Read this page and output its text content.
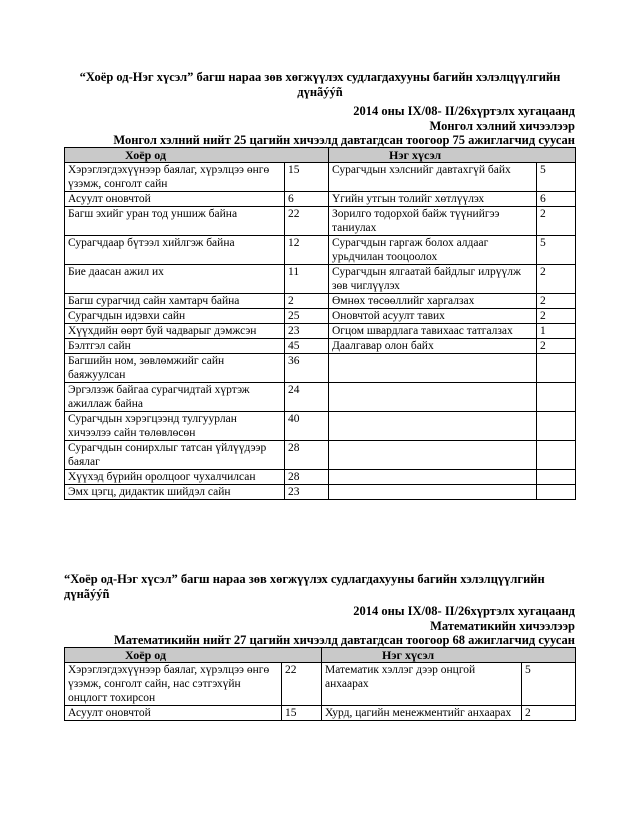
“Хоёр од-Нэг хүсэл” багш нараа зөв хөгжүүлэх судлагдахууны багийн хэлэлцүүлгийн
дүнãýýñ
2014 оны IX/08- II/26хүртэлх хугацаанд
Монгол хэлний хичээлээр
Монгол хэлний нийт 25 цагийн хичээлд давтагдсан тоогоор 75 ажиглагчид суусан
Хоёр од		Нэг хүсэл	
Хэрэглэгдэхүүнээр баялаг, хүрэлцээ өнгө үзэмж, сонголт сайн	15	Сурагчдын хэлснийг давтахгүй байх	5
Асуулт оновчтой	6	Үгийн утгын толийг хөтлүүлэх	6
Багш эхийг уран тод уншиж байна	22	Зорилго тодорхой байж түүнийгээ таниулах	2
Сурагчдаар бүтээл хийлгэж байна	12	Сурагчдын гаргаж болох алдааг урьдчилан тооцоолох	5
Бие даасан ажил их	11	Сурагчдын ялгаатай байдлыг илрүүлж зөв чиглүүлэх	2
Багш сурагчид сайн хамтарч байна	2	Өмнөх төсөөллийг харгалзах	2
Сурагчдын идэвхи сайн	25	Оновчтой асуулт тавих	2
Хүүхдийн өөрт буй чадварыг дэмжсэн	23	Огцом швардлага тавихаас татгалзах	1
Бэлтгэл сайн	45	Даалгавар олон байх	2
Багшийн ном, зөвлөмжийг сайн баяжуулсан	36		
Эргэлзэж байгаа сурагчидтай хүртэж ажиллаж байна	24		
Сурагчдын хэрэгцээнд тулгуурлан хичээлээ сайн төлөвлөсөн	40		
Сурагчдын сонирхлыг татсан үйлүүдээр баялаг	28		
Хүүхэд бүрийн оролцоог чухалчилсан	28		
Эмх цэгц, дидактик шийдэл сайн	23		
“Хоёр од-Нэг хүсэл” багш нараа зөв хөгжүүлэх судлагдахууны багийн хэлэлцүүлгийн
дүнãýýñ
2014 оны IX/08- II/26хүртэлх хугацаанд
Математикийн хичээлээр
Математикийн нийт 27 цагийн хичээлд давтагдсан тоогоор 68 ажиглагчид суусан
Хоёр од		Нэг хүсэл	
Хэрэглэгдэхүүнээр баялаг, хүрэлцээ өнгө үзэмж, сонголт сайн, нас сэтгэхүйн онцлогт тохирсон	22	Математик хэллэг дээр онцгой анхаарах	5
Асуулт оновчтой	15	Хурд, цагийн менежментийг анхаарах	2
